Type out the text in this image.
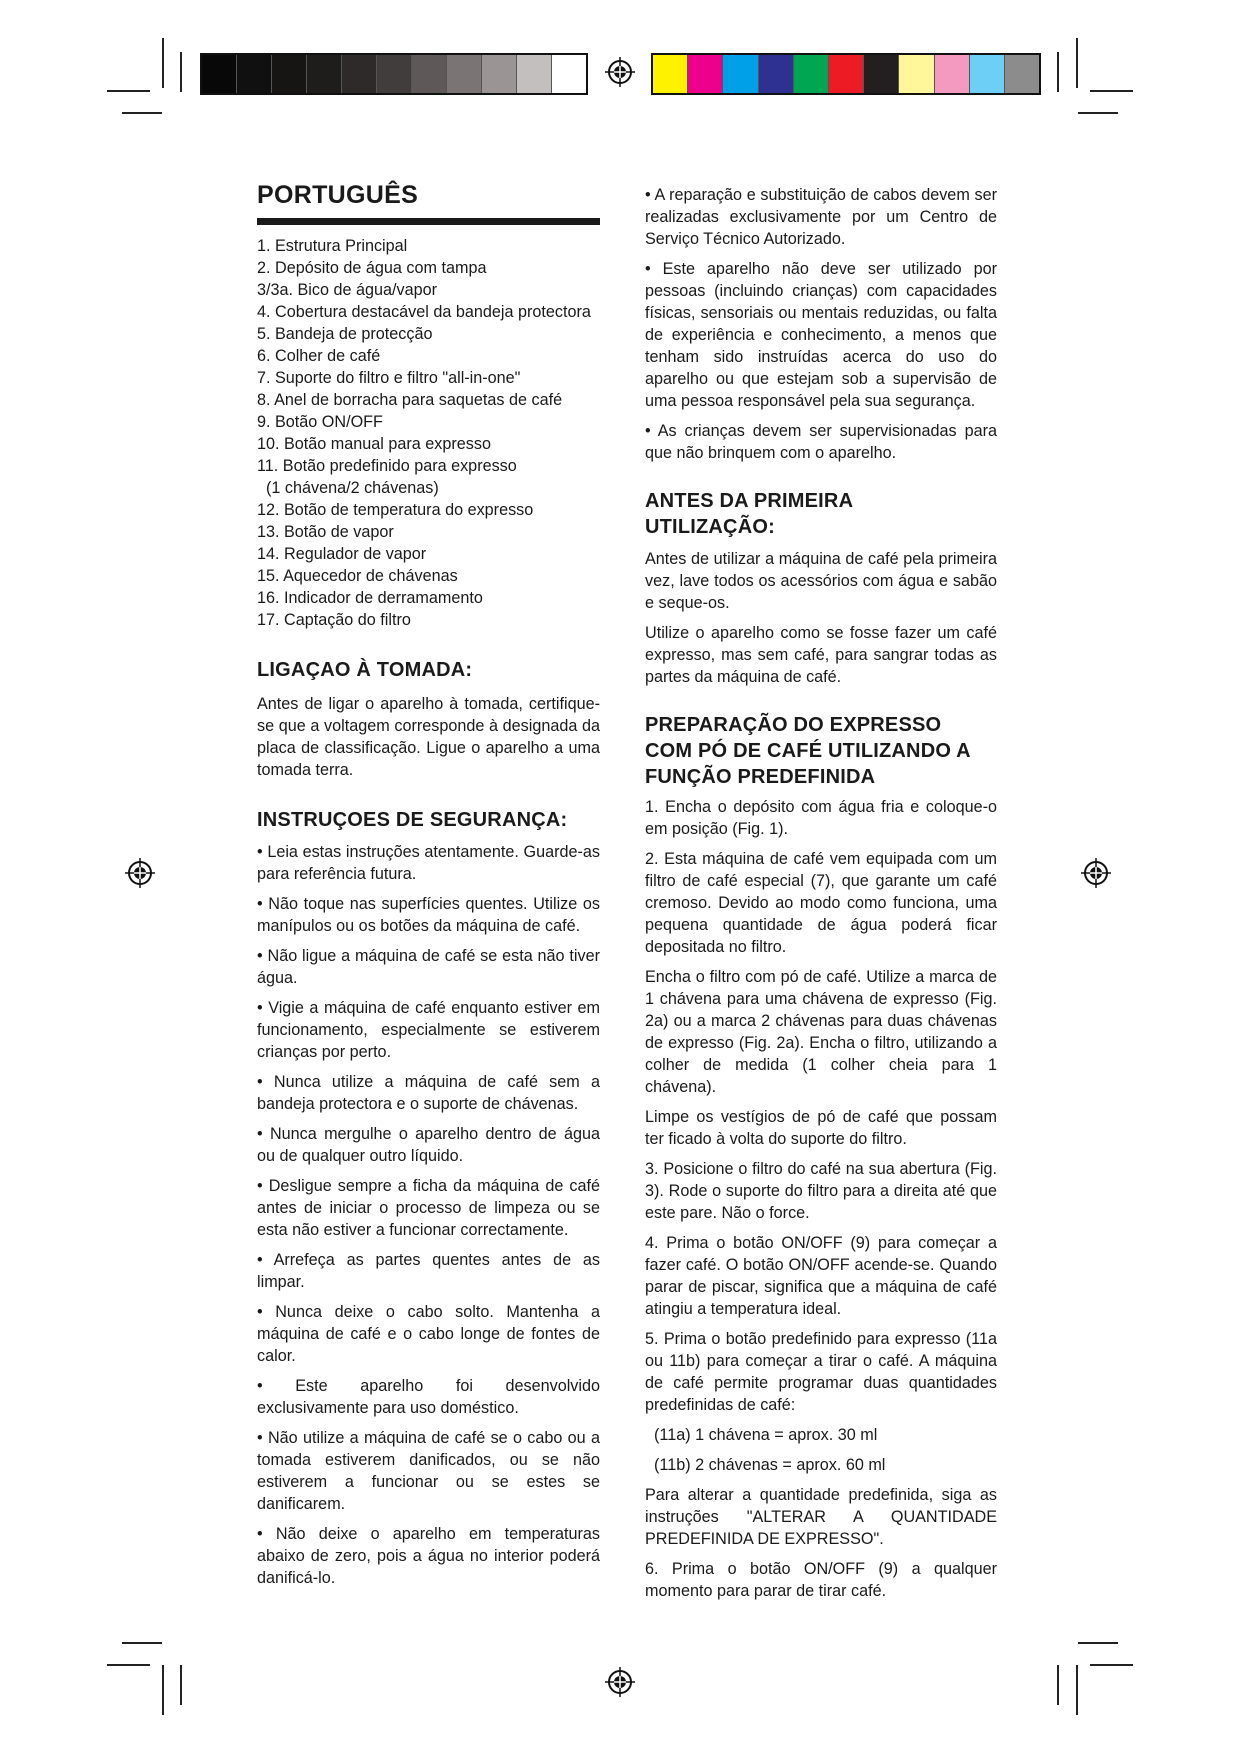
PORTUGUÊS
1. Estrutura Principal
2. Depósito de água com tampa
3/3a. Bico de água/vapor
4. Cobertura destacável da bandeja protectora
5. Bandeja de protecção
6. Colher de café
7. Suporte do filtro e filtro "all-in-one"
8. Anel de borracha para saquetas de café
9. Botão ON/OFF
10. Botão manual para expresso
11. Botão predefinido para expresso
(1 chávena/2 chávenas)
12. Botão de temperatura do expresso
13. Botão de vapor
14. Regulador de vapor
15. Aquecedor de chávenas
16. Indicador de derramamento
17. Captação do filtro
LIGAÇAO À TOMADA:

Antes de ligar o aparelho à tomada, certifique-se que a voltagem corresponde à designada da placa de classificação. Ligue o aparelho a uma tomada terra.

INSTRUÇOES DE SEGURANÇA:

• Leia estas instruções atentamente. Guarde-as para referência futura.

• Não toque nas superfícies quentes. Utilize os manípulos ou os botões da máquina de café.

• Não ligue a máquina de café se esta não tiver água.

• Vigie a máquina de café enquanto estiver em funcionamento, especialmente se estiverem crianças por perto.

• Nunca utilize a máquina de café sem a bandeja protectora e o suporte de chávenas.

• Nunca mergulhe o aparelho dentro de água ou de qualquer outro líquido.

• Desligue sempre a ficha da máquina de café antes de iniciar o processo de limpeza ou se esta não estiver a funcionar correctamente.

• Arrefeça as partes quentes antes de as limpar.

• Nunca deixe o cabo solto. Mantenha a máquina de café e o cabo longe de fontes de calor.

• Este aparelho foi desenvolvido exclusivamente para uso doméstico.

• Não utilize a máquina de café se o cabo ou a tomada estiverem danificados, ou se não estiverem a funcionar ou se estes se danificarem.

• Não deixe o aparelho em temperaturas abaixo de zero, pois a água no interior poderá danificá-lo.

• A reparação e substituição de cabos devem ser realizadas exclusivamente por um Centro de Serviço Técnico Autorizado.

• Este aparelho não deve ser utilizado por pessoas (incluindo crianças) com capacidades físicas, sensoriais ou mentais reduzidas, ou falta de experiência e conhecimento, a menos que tenham sido instruídas acerca do uso do aparelho ou que estejam sob a supervisão de uma pessoa responsável pela sua segurança.

• As crianças devem ser supervisionadas para que não brinquem com o aparelho.

ANTES DA PRIMEIRA
UTILIZAÇÃO:

Antes de utilizar a máquina de café pela primeira vez, lave todos os acessórios com água e sabão e seque-os.

Utilize o aparelho como se fosse fazer um café expresso, mas sem café, para sangrar todas as partes da máquina de café.

PREPARAÇÃO DO EXPRESSO
COM PÓ DE CAFÉ UTILIZANDO A
FUNÇÃO PREDEFINIDA

1. Encha o depósito com água fria e coloque-o em posição (Fig. 1).

2. Esta máquina de café vem equipada com um filtro de café especial (7), que garante um café cremoso. Devido ao modo como funciona, uma pequena quantidade de água poderá ficar depositada no filtro.

Encha o filtro com pó de café. Utilize a marca de 1 chávena para uma chávena de expresso (Fig. 2a) ou a marca 2 chávenas para duas chávenas de expresso (Fig. 2a). Encha o filtro, utilizando a colher de medida (1 colher cheia para 1 chávena).

Limpe os vestígios de pó de café que possam ter ficado à volta do suporte do filtro.

3. Posicione o filtro do café na sua abertura (Fig. 3). Rode o suporte do filtro para a direita até que este pare. Não o force.

4. Prima o botão ON/OFF (9) para começar a fazer café. O botão ON/OFF acende-se. Quando parar de piscar, significa que a máquina de café atingiu a temperatura ideal.

5. Prima o botão predefinido para expresso (11a ou 11b) para começar a tirar o café. A máquina de café permite programar duas quantidades predefinidas de café:

(11a) 1 chávena = aprox. 30 ml

(11b) 2 chávenas = aprox. 60 ml

Para alterar a quantidade predefinida, siga as instruções "ALTERAR A QUANTIDADE PREDEFINIDA DE EXPRESSO".

6. Prima o botão ON/OFF (9) a qualquer momento para parar de tirar café.
